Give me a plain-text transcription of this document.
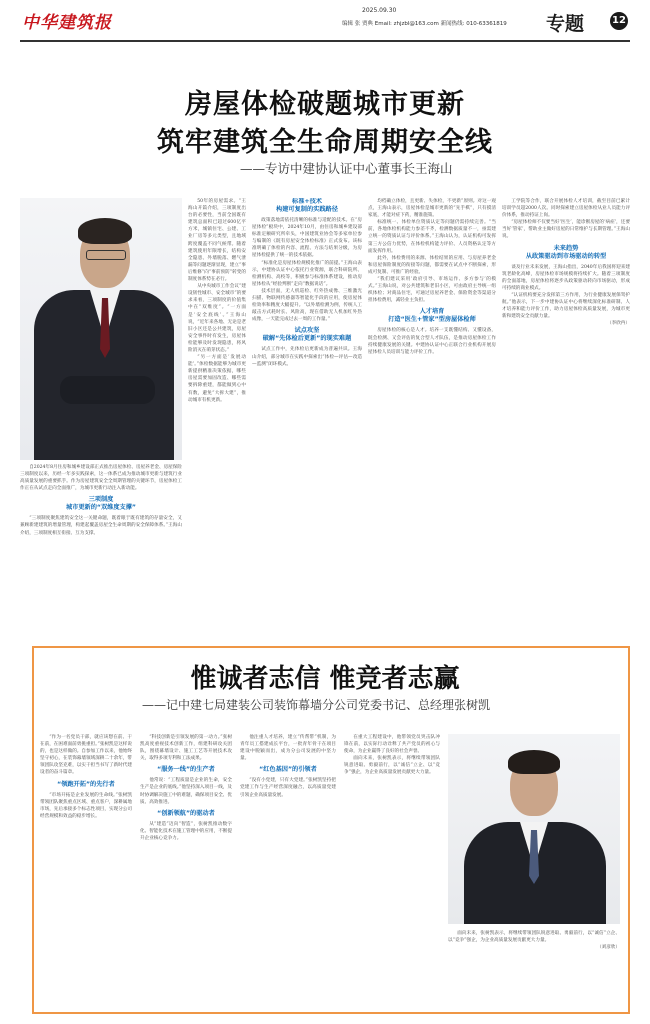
中华建筑报
2025.09.30
编辑 张 贾典 Email: zhjzbl@163.com 新闻热线: 010-63361819 专题	12
房屋体检破题城市更新
筑牢建筑全生命周期安全线
——专访中建协认证中心董事长王海山

自2024年8月住房和城乡建设部正式推出房屋体检、房屋养老金、房屋保险三项制度以来，历经一年多实践探索，这一体系已成为推动城市更新与建筑行业高质量发展的重要抓手。作为房屋建筑安全全周期管理的关键环节，房屋体检工作正在从试点走向全面推广，为城市更新行动注入新动能。

三项制度
城市更新的“双维度支撑”

“三项制度聚焦建筑安全这一关键命题，既着眼于既有建筑的存量安全，又兼顾新建建筑的增量管理，构建起覆盖房屋全生命周期的安全保障体系。”王海山介绍，三项制度相互衔接、互为支撑。

50年的房屋需求。“王海山开篇介绍，三项制度出台的必要性，当前全国既有建筑总面积已超过600亿平方米，城镇住宅、公建、工业厂房等多元类型，且地域跨度覆盖不同气候带。随着建筑使用年限增长，结构安全隐患、外墙脱落、燃气泄漏等问题逐渐显现，建立“事后维修”向“事前预防”转变的制度体系势在必行。

从中央城市工作会议“建设韧性城市、安全城市”的要求来看，三项制度的价值集中在“双维度”。“一方面是‘安全底线’。”王海山说，“近年来各地、无论是老旧小区还是公共建筑，房屋安全事件时有发生，房屋体检能够及时发现隐患，将风险消灭在萌芽状态。”

“另一方面是‘发展动能’。”体检数据能够为城市更新提供精准决策依据，哪些房屋需要加固改造、哪些需要拆除重建，都能做到心中有数，避免“大拆大建”，推动城市有机更新。

标准+技术
构建可复制的实践路径

政策落地需依托清晰的标准与适配的技术。在“房屋体检”板块中，2024年10月，由住房和城乡建设部标准定额研究所牵头，中国建筑业协会等多家单位参与编制的《既有房屋安全体检标准》正式发布。该标准明确了体检的内容、流程、方法与结果分级，为房屋体检提供了统一的技术依据。

“标准化是房屋体检规模化推广的前提。”王海山表示，中建协认证中心依托行业资源，联合科研院所、检测机构、高校等，积极参与标准体系建设，推动房屋体检从“经验判断”走向“数据说话”。

技术层面，无人机巡检、红外热成像、三维激光扫描、物联网传感器等智能化手段的应用，使房屋体检效率和精度大幅提升。“以外墙检测为例，传统人工敲击方式耗时长、风险高，现在借助无人机加红外热成像，一天能完成过去一周的工作量。”

试点攻坚
破解“先体检后更新”的现实难题

试点工作中，先体检后更新成为普遍共识。王海山介绍，部分城市在实践中探索出“体检—评估—改造—监测”闭环模式。

均档确立体检，且更新、失体检，不更新”原则。对这一观点，王海山表示，房屋体检是城市更新的“先手棋”，只有摸清家底，才能对症下药，精准施策。

标准统一、体检单位资质认定等问题仍需持续完善。“当前，各地体检机构能力参差不齐，检测数据质量不一，亟需建立统一的资质认证与评价体系。”王海山认为，认证机构可发挥第三方公信力优势，在体检机构能力评价、人员资格认定等方面发挥作用。

此外，体检费用的来源、体检结果的应用、与房屋养老金和房屋保险制度的衔接等问题，都需要在试点中不断探索，形成可复制、可推广的经验。

“我们建议采用‘政府引导、市场运作、多方参与’的模式。”王海山说，对公共建筑和老旧小区，可由政府主导统一组织体检；对商品住宅，可通过房屋养老金、保险资金等渠道分担体检费用，减轻业主负担。

人才培育
打造“医生+管家”型房屋体检师

房屋体检的核心是人才。培养一支既懂结构、又懂设备，既会检测、又会评估的复合型人才队伍，是推动房屋体检工作持续健康发展的关键。中建协认证中心正联合行业机构开展房屋体检人员培训与能力评价工作。

工学院等合作，联合开展体检人才培训，截至目前已累计培训学员超2000人次。同时探索建立房屋体检从业人员能力评价体系，推动持证上岗。

“房屋体检师不仅要当好‘医生’，能诊断房屋的‘病症’，还要当好‘管家’，帮助业主做好房屋的日常维护与长期管理。”王海山说。

未来趋势
从政策驱动到市场驱动的转型

谈及行业未来发展，王海山指出，2040年后我国将迎来建筑老龄化高峰，房屋体检市场规模将持续扩大。随着三项制度的全面落地，房屋体检将逐步从政策驱动转向市场驱动，形成可持续的商业模式。

“认证机构要充分发挥第三方作用，为行业健康发展保驾护航。”他表示，下一步中建协认证中心将继续深化标准研制、人才培养和能力评价工作，助力房屋体检高质量发展，为城市更新和建筑安全贡献力量。

（李欣冉）

惟诚者志信 惟竞者志赢
——记中建七局建装公司装饰幕墙分公司党委书记、总经理张树凯

“作为一名党员干部，就应该想在前、干在前，在困难面前勇挑重担。”张树凯是这样说的，也是这样做的。自参加工作以来，他始终坚守初心，在装饰幕墙领域深耕二十余年，带领团队攻坚克难，以实干担当书写了新时代建设者的奋斗篇章。

“领跑开拓”的先行者

“市场开拓是企业发展的生命线。”张树凯带领团队聚焦重点区域、重点客户，深耕属地市场，先后承接多个标志性项目，实现分公司经营规模和效益的稳步增长。

“科技创新是引领发展的第一动力。”张树凯高度重视技术创新工作，组建科研攻关团队，围绕幕墙设计、施工工艺等开展技术攻关，取得多项专利和工法成果。

“服务一线”的生产者

他常说：“工程质量是企业的生命，安全生产是企业的底线。”他坚持深入项目一线，及时协调解决施工中的难题，确保项目安全、优质、高效推进。

“创新领航”的驱动者

从“建造”迈向“智造”，张树凯推动数字化、智能化技术在施工管理中的应用，不断提升企业核心竞争力。

他注重人才培养，建立“传帮带”机制，为青年员工搭建成长平台，一批青年骨干在项目建设中脱颖而出，成为分公司发展的中坚力量。

“红色基因”的引领者

“没有小党建，只有大党建。”张树凯坚持把党建工作与生产经营深度融合，以高质量党建引领企业高质量发展。

在重大工程建设中，他带领党员突击队冲锋在前，以实际行动诠释了共产党员的初心与使命，为企业赢得了良好的社会声誉。

面向未来，张树凯表示，将继续带领团队锐意进取、勇毅前行，以“诚信”立企、以“竞争”强企，为企业高质量发展贡献更大力量。

面向未来，张树凯表示，将继续带领团队锐意进取、勇毅前行，以“诚信”立企、以“竞争”强企，为企业高质量发展贡献更大力量。

（刘彦欣）
